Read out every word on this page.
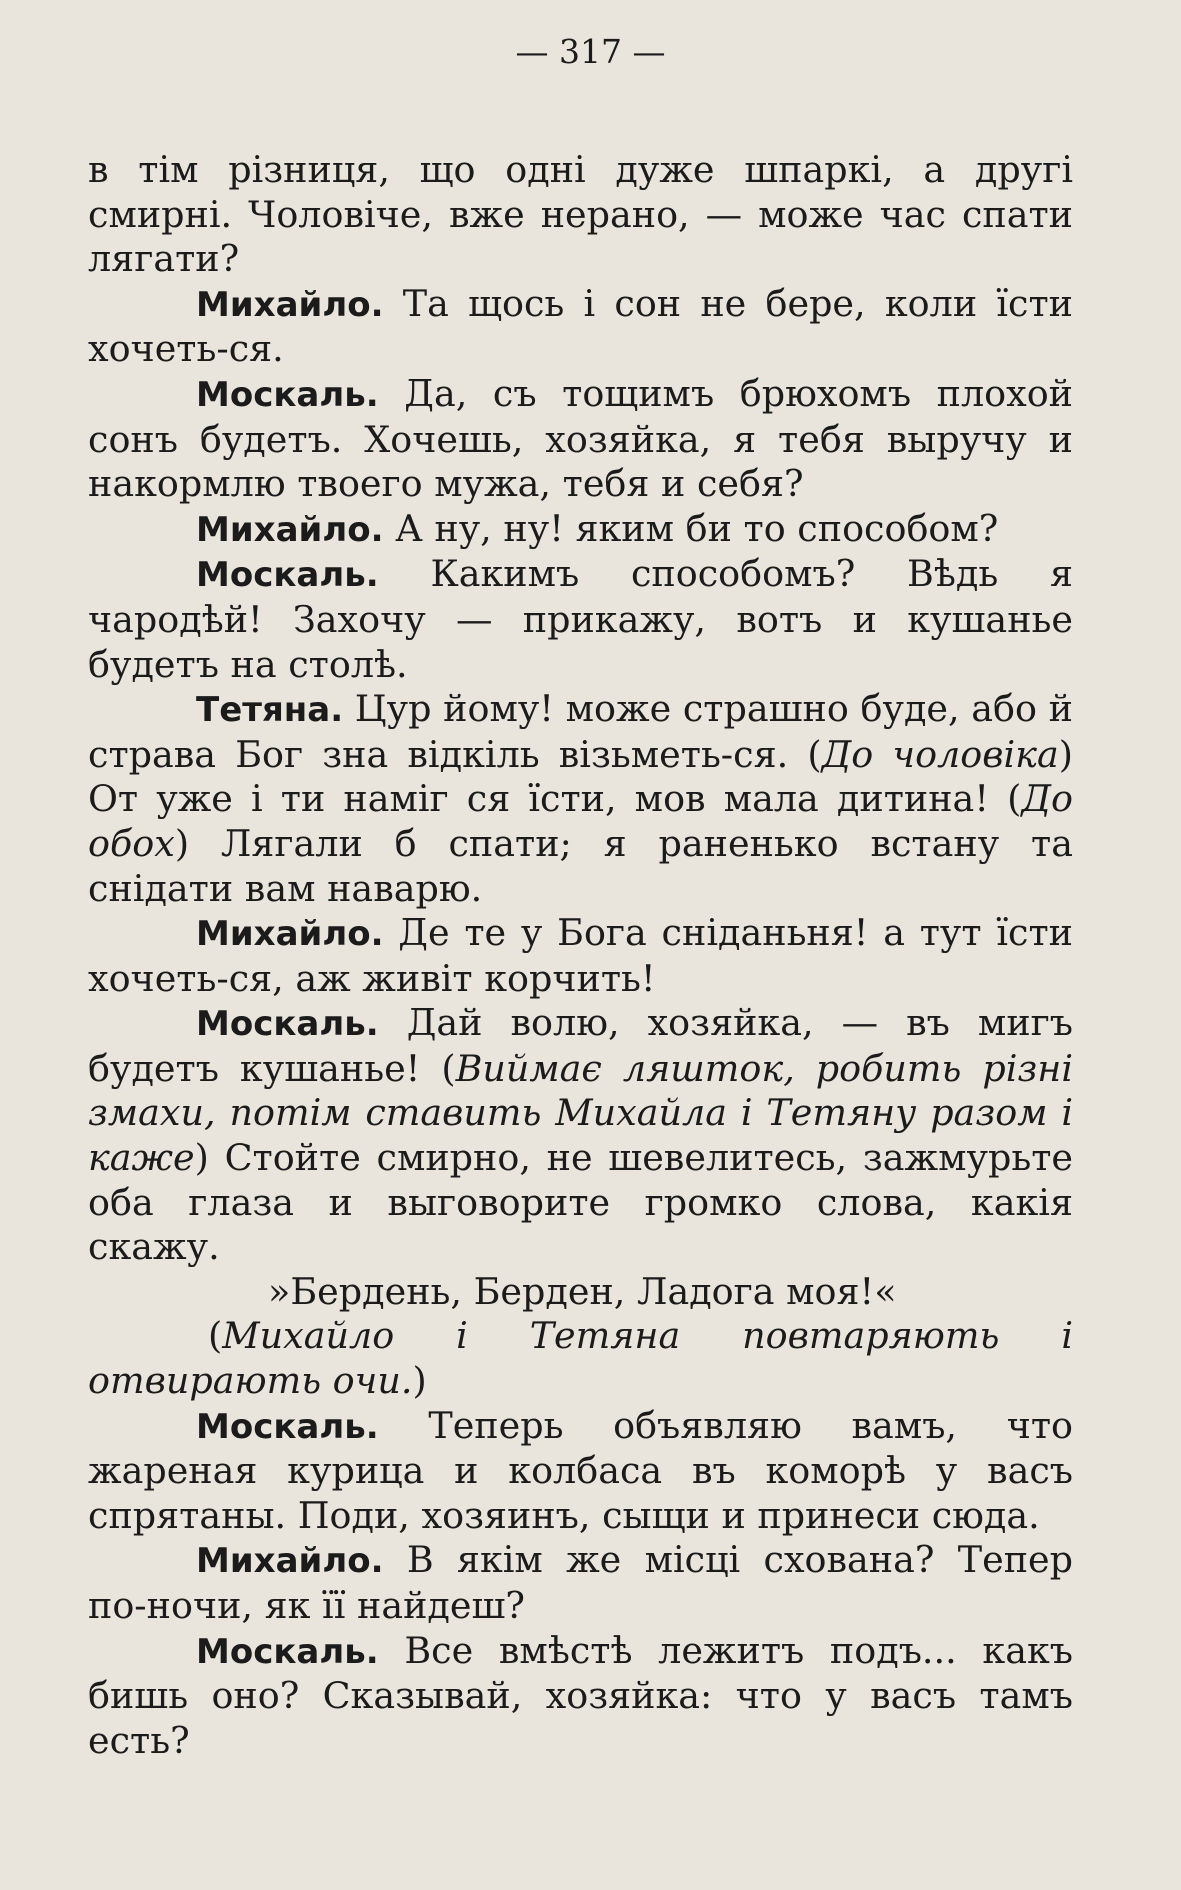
— 317 —

в тім різниця, що одні дуже шпаркі, а другі смирні. Чоловіче, вже нерано, — може час спати лягати?

Михайло. Та щось і сон не бере, коли їсти хочеть-ся.

Москаль. Да, съ тощимъ брюхомъ плохой сонъ будетъ. Хочешь, хозяйка, я тебя выручу и накормлю твоего мужа, тебя и себя?

Михайло. А ну, ну! яким би то способом?

Москаль. Какимъ способомъ? Вѣдь я чародѣй! Захочу — прикажу, вотъ и кушанье будетъ на столѣ.

Тетяна. Цур йому! може страшно буде, або й страва Бог зна відкіль візьметь-ся. (До чоловіка) От уже і ти наміг ся їсти, мов мала дитина! (До обох) Лягали б спати; я раненько встану та снідати вам наварю.

Михайло. Де те у Бога сніданьня! а тут їсти хочеть-ся, аж живіт корчить!

Москаль. Дай волю, хозяйка, — въ мигъ будетъ кушанье! (Виймає ляшток, робить різні змахи, потім ставить Михайла і Тетяну разом і каже) Стойте смирно, не шевелитесь, зажмурьте оба глаза и выговорите громко слова, какія скажу.

»Бердень, Берден, Ладога моя!«

(Михайло і Тетяна повтаряють і отвирають очи.)

Москаль. Теперь объявляю вамъ, что жареная курица и колбаса въ коморѣ у васъ спрятаны. Поди, хозяинъ, сыщи и принеси сюда.

Михайло. В якім же місці схована? Тепер по-ночи, як її найдеш?

Москаль. Все вмѣстѣ лежитъ подъ... какъ бишь оно? Сказывай, хозяйка: что у васъ тамъ есть?
